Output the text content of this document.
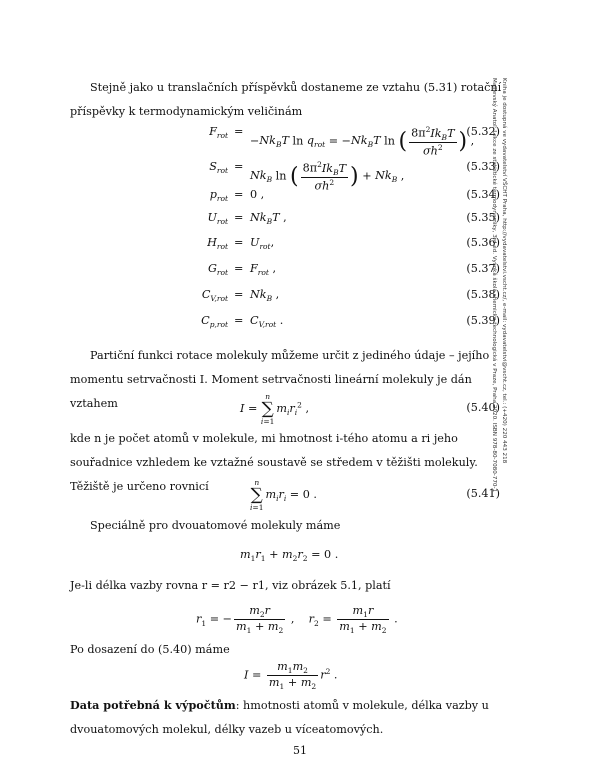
Stejně jako u translačních příspěvků dostaneme ze vztahu (5.31) rotační příspěvky k termodynamickým veličinám
$F_{rot}$ =
$-Nk_BT$ $\ln q_{rot} = -Nk_BT$ ln ( $\frac{8\pi^2Ik_BT}{\sigma h^2}$ ) ,
(5.32)
$S_{rot}$ =
$Nk_B$ ln ( $\frac{8\pi^2Ik_BT}{\sigma h^2}$ ) + $Nk_B$ ,
(5.33)
$p_{rot} = 0$ ,	(5.34)
$U_{rot} = Nk_BT$ ,	(5.35)
$H_{rot} = U_{rot}$,	(5.36)
$G_{rot} = F_{rot}$ ,	(5.37)
$C_{V,rot} = Nk_B$ ,	(5.38)
$C_{p,rot} = C_{V,rot}$ .	(5.39)
Partiční funkci rotace molekuly můžeme určit z jediného údaje – jejího momentu setrvačnosti I. Moment setrvačnosti lineární molekuly je dán vztahem	I =
n
∑
i=1
$m_ir_i^2$ ,	(5.40)
kde n je počet atomů v molekule, mi hmotnost i-tého atomu a ri jeho souřadnice vzhledem ke vztažné soustavě se středem v těžišti molekuly. Těžiště je určeno rovnicí	n
∑
i=1
$m_ir_i = 0$ .	(5.41)
Speciálně pro dvouatomové molekuly máme
$m_1r_1 + m_2r_2 = 0$ .
Je-li délka vazby rovna r = r2 − r1, viz obrázek 5.1, platí
$r_1$ = − $\frac{m_2r}{m_1 + m_2}$ ,    $r_2 = \frac{m_1r}{m_1 + m_2}$ .
Po dosazení do (5.40) máme
$I = \frac{m_1m_2}{m_1 + m_2} r^2$ .
Data potřebná k výpočtům: hmotnosti atomů v molekule, délka vazby u dvouatomových molekul, délky vazeb u víceatomových.
Malijevský Anatol: Lekce ze statistické termodynamiky, 3rd ed. Vysoká škola chemicko-technologická v Praze, Praha 2020. ISBN 978-80-7080-770-1 Kniha je dostupná ve vydavatelství VŠCHT Praha, http://vydavatelstvi.vscht.cz/, e-mail: vydavatelstvi@vscht.cz, tel.: (+420) 220 443 218
51
